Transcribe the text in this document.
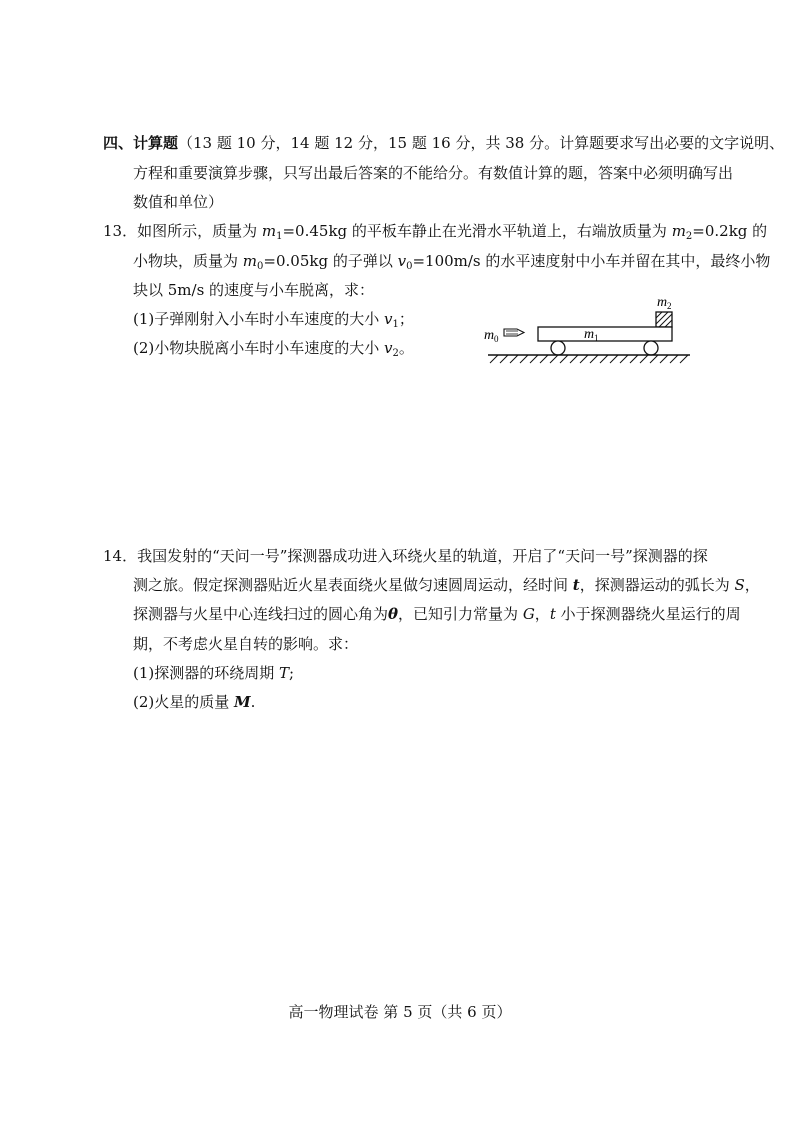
四、计算题（13 题 10 分，14 题 12 分，15 题 16 分，共 38 分。计算题要求写出必要的文字说明、
方程和重要演算步骤，只写出最后答案的不能给分。有数值计算的题，答案中必须明确写出
数值和单位）
13．如图所示，质量为 $m_1=0.45kg$ 的平板车静止在光滑水平轨道上，右端放质量为 $m_2=0.2kg$ 的
小物块，质量为 $m_0=0.05kg$ 的子弹以 $v_0=100m/s$ 的水平速度射中小车并留在其中，最终小物
块以 5m/s 的速度与小车脱离，求：
(1)子弹刚射入小车时小车速度的大小 $v_1$；
(2)小物块脱离小车时小车速度的大小 $v_2$。
m 2
m 1
m 0
14．我国发射的“天问一号”探测器成功进入环绕火星的轨道，开启了“天问一号”探测器的探
测之旅。假定探测器贴近火星表面绕火星做匀速圆周运动，经时间 t，探测器运动的弧长为 S，
探测器与火星中心连线扫过的圆心角为θ，已知引力常量为 G，t 小于探测器绕火星运行的周
期，不考虑火星自转的影响。求：
(1)探测器的环绕周期 T;
(2)火星的质量 M.
高一物理试卷 第 5 页（共 6 页）
